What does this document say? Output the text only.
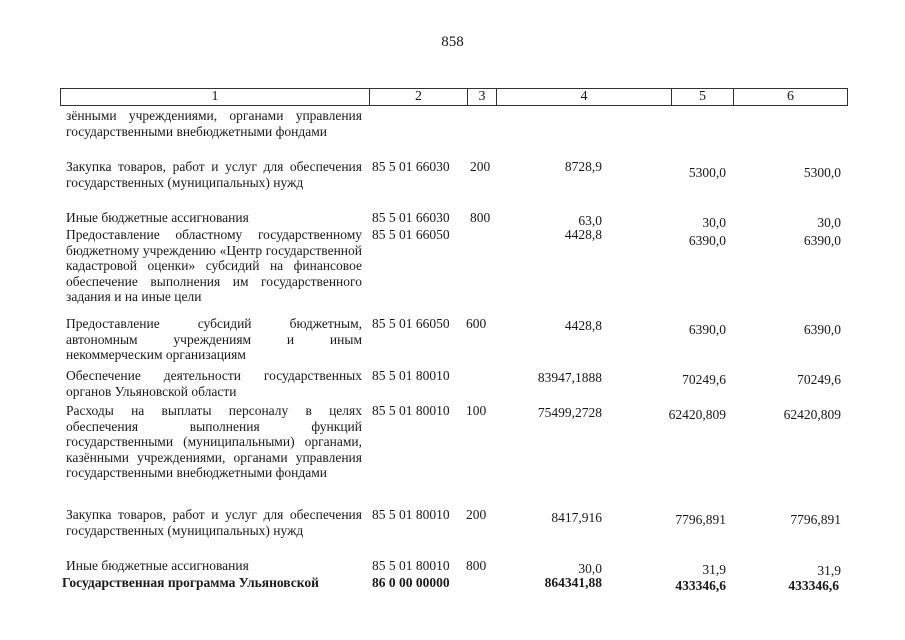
858
1	2	3	4	5	6
зёнными учреждениями, органами управления государственными внебюджетными фондами
Закупка товаров, работ и услуг для обеспечения государственных (муниципальных) нужд
85 5 01 66030 200	8728,9	5300,0	5300,0
Иные бюджетные ассигнования	85 5 01 66030 800	63,0	30,0	30,0
Предоставление областному государственному бюджетному учреждению «Центр государственной кадастровой оценки» субсидий на финансовое обеспечение выполнения им государственного задания и на иные цели
85 5 01 66050	4428,8	6390,0	6390,0
Предоставление субсидий бюджетным, автономным учреждениям и иным некоммерческим организациям
85 5 01 66050 600	4428,8	6390,0	6390,0
Обеспечение деятельности государственных органов Ульяновской области
85 5 01 80010	83947,1888	70249,6	70249,6
Расходы на выплаты персоналу в целях обеспечения выполнения функций государственными (муниципальными) органами, казёнными учреждениями, органами управления государственными внебюджетными фондами
85 5 01 80010 100	75499,2728	62420,809	62420,809
Закупка товаров, работ и услуг для обеспечения государственных (муниципальных) нужд
85 5 01 80010 200	8417,916	7796,891	7796,891
Иные бюджетные ассигнования	85 5 01 80010 800	30,0	31,9	31,9
Государственная программа Ульяновской	86 0 00 00000	864341,88	433346,6	433346,6
